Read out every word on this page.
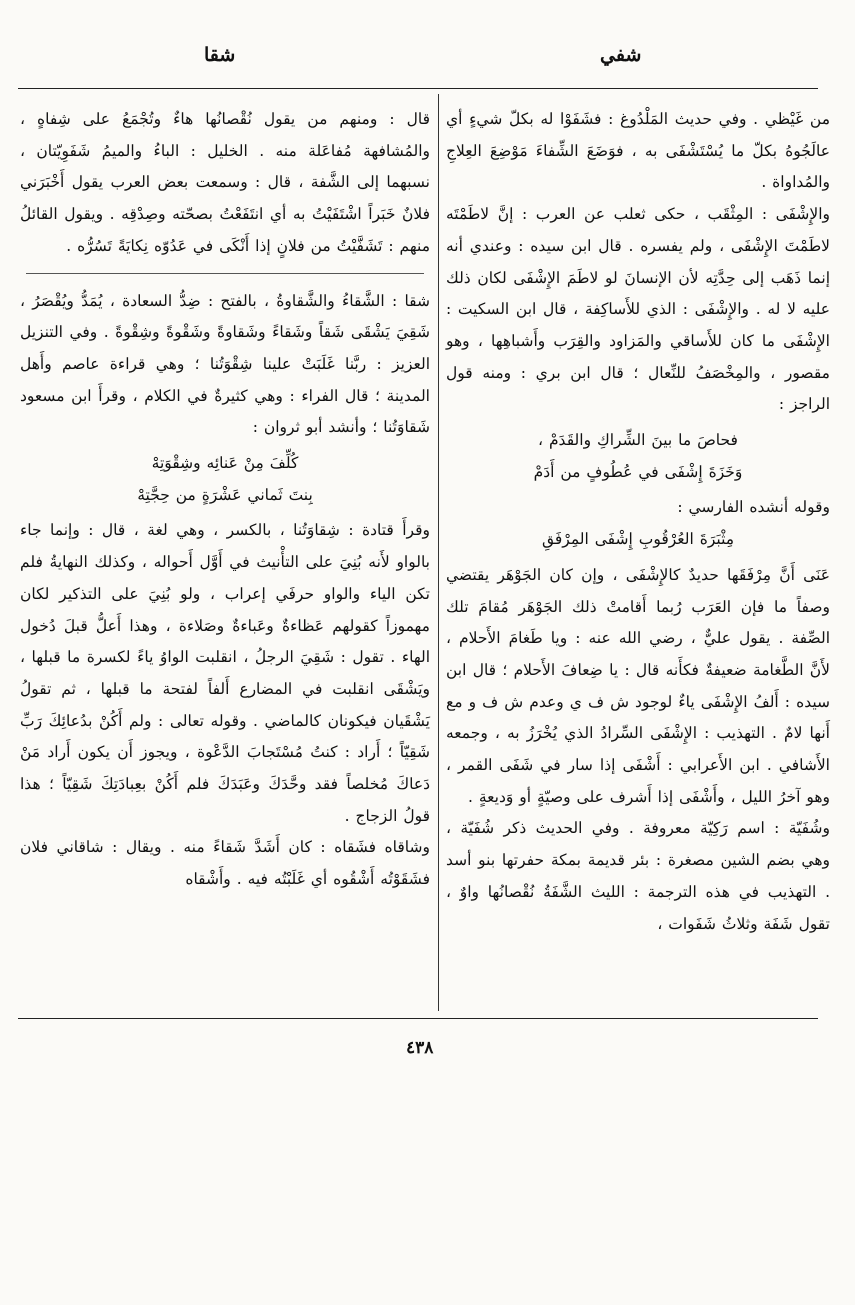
شفي
شقا

من غَيْظي . وفي حديث المَلْدُوغ : فشَفَوْا له بكلّ شيءٍ أي عالَجُوهُ بكلّ ما يُسْتَشْفَى به ، فوَضَعَ الشِّفاءَ مَوْضِعَ العِلاجِ والمُداواة .

والإِشْفَى : المِثْقَب ، حكى ثعلب عن العرب : إنَّ لاطَمْتَه لاطَمْتَ الإِشْفَى ، ولم يفسره . قال ابن سيده : وعندي أنه إنما ذَهَب إلى حِدَّتِه لأن الإنسانَ لو لاطَمَ الإِشْفَى لكان ذلك عليه لا له . والإِشْفَى : الذي للأَساكِفة ، قال ابن السكيت : الإِشْفَى ما كان للأَساقي والمَزاود والقِرَب وأَشباهِها ، وهو مقصور ، والمِخْصَفُ للنِّعال ؛ قال ابن بري : ومنه قول الراجز :

فحاصَ ما بينَ الشِّراكِ والقَدَمْ ،

وَخَزَةَ إِشْفَى في عُطُوفٍ من أَدَمْ

وقوله أنشده الفارسي :

مِثْبَرَةَ العُرْقُوبِ إِشْفَى المِرْفَقِ

عَنَى أَنَّ مِرْفَقَها حديدٌ كالإِشْفَى ، وإن كان الجَوْهَر يقتضي وصفاً ما فإن العَرَب رُبما أَقامتْ ذلك الجَوْهَر مُقامَ تلك الصِّفة . يقول عليٌّ ، رضي الله عنه : ويا طَغامَ الأَحلام ، لأَنَّ الطَّغامة ضعيفةٌ فكأَنه قال : يا ضِعافَ الأَحلام ؛ قال ابن سيده : أَلفُ الإِشْفَى ياءٌ لوجود ش ف ي وعدم ش ف و مع أَنها لامٌ . التهذيب : الإِشْفَى السِّرادُ الذي يُخْرَزُ به ، وجمعه الأَشافي . ابن الأَعرابي : أَشْفَى إذا سار في شَفَى القمر ، وهو آخرُ الليل ، وأَشْفَى إذا أَشرف على وصيّةٍ أو وَديعةٍ .

وشُفَيّة : اسم رَكِيّة معروفة . وفي الحديث ذكر شُفَيّة ، وهي بضم الشين مصغرة : بئر قديمة بمكة حفرتها بنو أسد . التهذيب في هذه الترجمة : الليث الشَّفَةُ نُقْصانُها واوٌ ، تقول شَفَة وثلاثُ شَفَوات ،

قال : ومنهم من يقول نُقْصانُها هاءٌ وتُجْمَعُ على شِفاهٍ ، والمُشافهة مُفاعَلة منه . الخليل : الباءُ والميمُ شَفَوِيّتان ، نسبهما إلى الشَّفة ، قال : وسمعت بعض العرب يقول أَخْبَرَني فلانٌ خَبَراً اشْتَفَيْتُ به أي انتَفَعْتُ بصحّته وصِدْقِه . ويقول القائلُ منهم : تَشَفَّيْتُ من فلانٍ إذا أَنْكَى في عَدُوّه نِكايَةً تَسُرُّه .

شقا : الشَّقاءُ والشَّقاوةُ ، بالفتح : ضِدُّ السعادة ، يُمَدُّ ويُقْصَرُ ، شَقِيَ يَشْقَى شَقاً وشَقاءً وشَقاوةً وشَقْوةً وشِقْوةً . وفي التنزيل العزيز : ربَّنا غَلَبَتْ علينا شِقْوَتُنا ؛ وهي قراءة عاصم وأَهل المدينة ؛ قال الفراء : وهي كثيرةٌ في الكلام ، وقرأَ ابن مسعود شَقاوَتُنا ؛ وأنشد أبو ثروان :

كُلِّفَ مِنْ عَنائِه وشِقْوَتِهْ

بِنتَ ثَماني عَشْرَةٍ من حِجَّتِهْ

وقرأَ قتادة : شِقاوَتُنا ، بالكسر ، وهي لغة ، قال : وإنما جاء بالواو لأَنه بُنِيَ على التأْنيث في أَوَّل أَحواله ، وكذلك النهايةُ فلم تكن الياء والواو حرفَي إعراب ، ولو بُنِيَ على التذكير لكان مهموزاً كقولهم عَظاءةٌ وعَباءةٌ وصَلاءة ، وهذا أَعلُّ قبلَ دُخول الهاء . تقول : شَقِيَ الرجلُ ، انقلبت الواوُ ياءً لكسرة ما قبلها ، ويَشْقَى انقلبت في المضارع أَلفاً لفتحة ما قبلها ، ثم تقولُ يَشْقَيان فيكونان كالماضي . وقوله تعالى : ولم أَكُنْ بدُعائِكَ رَبِّ شَقِيّاً ؛ أَراد : كنتُ مُسْتَجابَ الدَّعْوة ، ويجوز أَن يكون أَراد مَنْ دَعاكَ مُخلصاً فقد وحَّدَكَ وعَبَدَكَ فلم أَكُنْ بعِبادَتِكَ شَقِيّاً ؛ هذا قولُ الزجاج .

وشاقاه فشَقاه : كان أَشَدَّ شَقاءً منه . ويقال : شاقاني فلان فشَقَوْتُه أَشْقُوه أي غَلَبْتُه فيه . وأَشْقاه

٤٣٨
